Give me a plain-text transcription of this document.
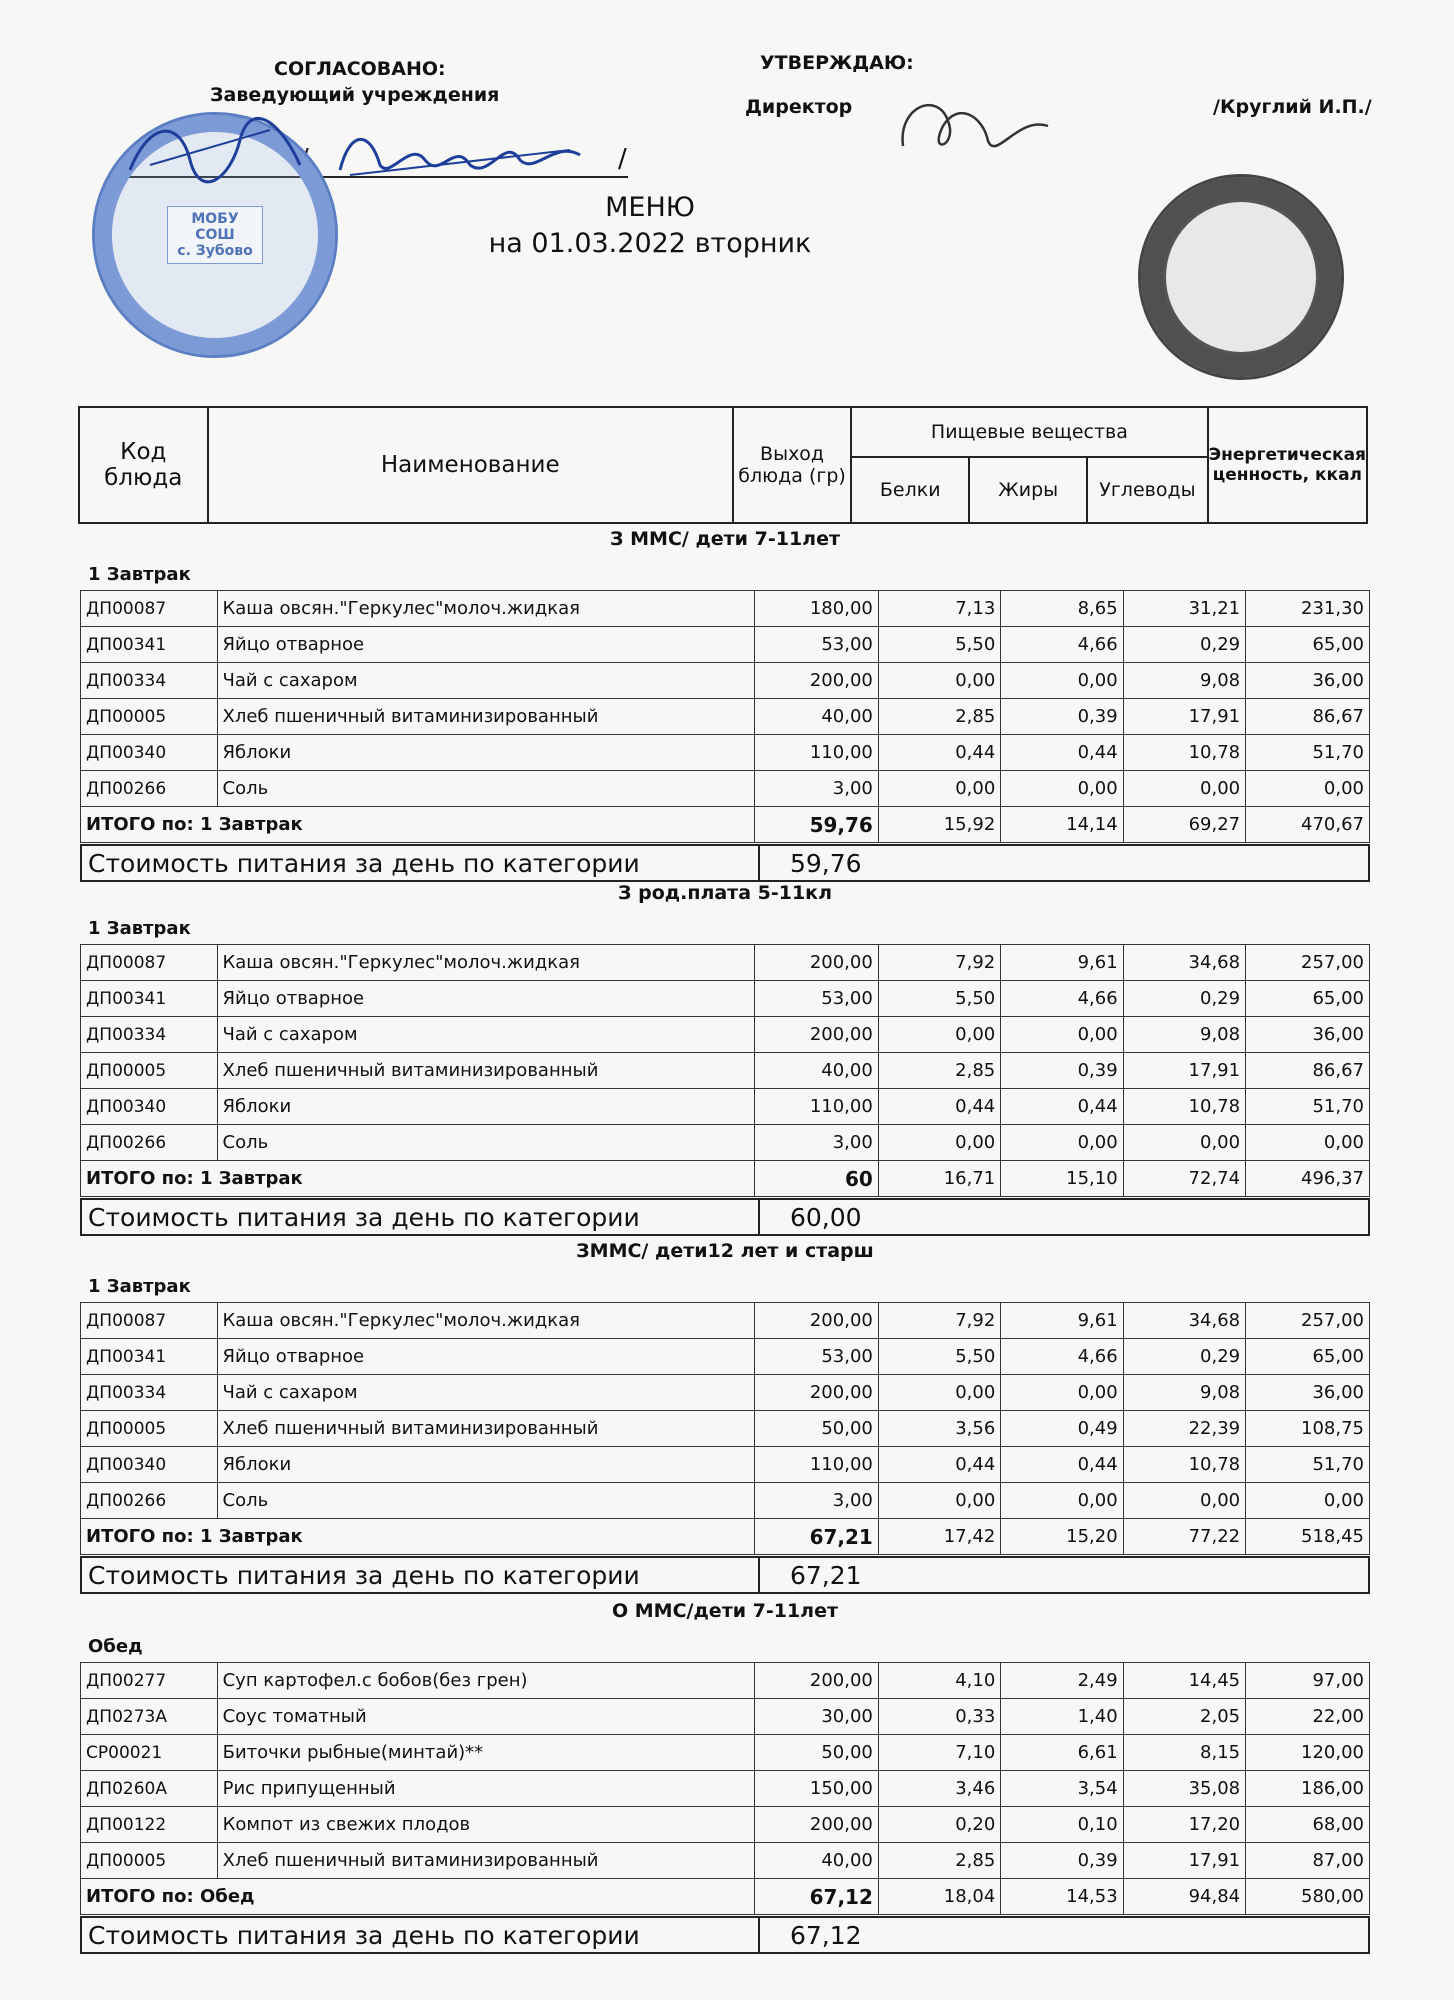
СОГЛАСОВАНО:
Заведующий учреждения
УТВЕРЖДАЮ:
Директор	/Круглий И.П./
/	/
МОБУ
СОШ
с. Зубово
МЕНЮ
на 01.03.2022 вторник
Код блюда	Наименование	Выход блюда (гр)	Пищевые вещества			Энергетическая ценность, ккал
			Белки	Жиры	Углеводы	
З ММС/ дети 7-11лет
1 Завтрак
ДП00087	Каша овсян."Геркулес"молоч.жидкая	180,00	7,13	8,65	31,21	231,30
ДП00341	Яйцо отварное	53,00	5,50	4,66	0,29	65,00
ДП00334	Чай с сахаром	200,00	0,00	0,00	9,08	36,00
ДП00005	Хлеб пшеничный витаминизированный	40,00	2,85	0,39	17,91	86,67
ДП00340	Яблоки	110,00	0,44	0,44	10,78	51,70
ДП00266	Соль	3,00	0,00	0,00	0,00	0,00
ИТОГО по: 1 Завтрак		59,76	15,92	14,14	69,27	470,67
Стоимость питания за день по категории	59,76
З род.плата 5-11кл
1 Завтрак
ДП00087	Каша овсян."Геркулес"молоч.жидкая	200,00	7,92	9,61	34,68	257,00
ДП00341	Яйцо отварное	53,00	5,50	4,66	0,29	65,00
ДП00334	Чай с сахаром	200,00	0,00	0,00	9,08	36,00
ДП00005	Хлеб пшеничный витаминизированный	40,00	2,85	0,39	17,91	86,67
ДП00340	Яблоки	110,00	0,44	0,44	10,78	51,70
ДП00266	Соль	3,00	0,00	0,00	0,00	0,00
ИТОГО по: 1 Завтрак		60	16,71	15,10	72,74	496,37
Стоимость питания за день по категории	60,00
ЗММС/ дети12 лет и старш
1 Завтрак
ДП00087	Каша овсян."Геркулес"молоч.жидкая	200,00	7,92	9,61	34,68	257,00
ДП00341	Яйцо отварное	53,00	5,50	4,66	0,29	65,00
ДП00334	Чай с сахаром	200,00	0,00	0,00	9,08	36,00
ДП00005	Хлеб пшеничный витаминизированный	50,00	3,56	0,49	22,39	108,75
ДП00340	Яблоки	110,00	0,44	0,44	10,78	51,70
ДП00266	Соль	3,00	0,00	0,00	0,00	0,00
ИТОГО по: 1 Завтрак		67,21	17,42	15,20	77,22	518,45
Стоимость питания за день по категории	67,21
О ММС/дети 7-11лет
Обед
ДП00277	Суп картофел.с бобов(без грен)	200,00	4,10	2,49	14,45	97,00
ДП0273А	Соус томатный	30,00	0,33	1,40	2,05	22,00
СР00021	Биточки рыбные(минтай)**	50,00	7,10	6,61	8,15	120,00
ДП0260А	Рис припущенный	150,00	3,46	3,54	35,08	186,00
ДП00122	Компот из свежих плодов	200,00	0,20	0,10	17,20	68,00
ДП00005	Хлеб пшеничный витаминизированный	40,00	2,85	0,39	17,91	87,00
ИТОГО по: Обед		67,12	18,04	14,53	94,84	580,00
Стоимость питания за день по категории	67,12
